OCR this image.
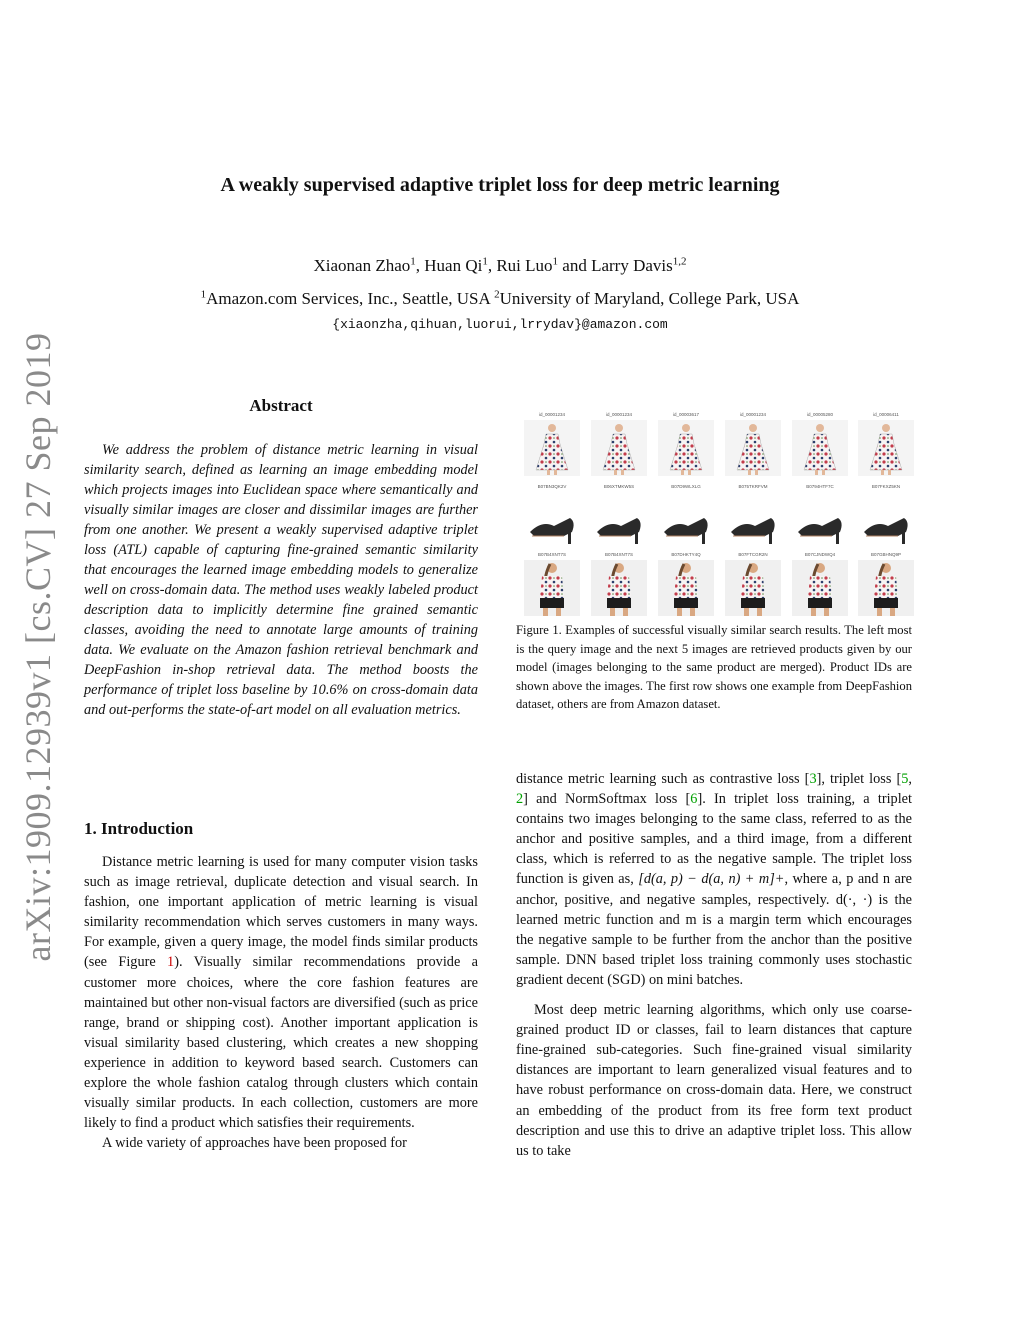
arXiv:1909.12939v1 [cs.CV] 27 Sep 2019
A weakly supervised adaptive triplet loss for deep metric learning
Xiaonan Zhao$^1$, Huan Qi$^1$, Rui Luo$^1$ and Larry Davis$^{1,2}$
$^1$Amazon.com Services, Inc., Seattle, USA $^2$University of Maryland, College Park, USA
{xiaonzha,qihuan,luorui,lrrydav}@amazon.com
Abstract

We address the problem of distance metric learning in visual similarity search, defined as learning an image embedding model which projects images into Euclidean space where semantically and visually similar images are closer and dissimilar images are further from one another. We present a weakly supervised adaptive triplet loss (ATL) capable of capturing fine-grained semantic similarity that encourages the learned image embedding models to generalize well on cross-domain data. The method uses weakly labeled product description data to implicitly determine fine grained semantic classes, avoiding the need to annotate large amounts of training data. We evaluate on the Amazon fashion retrieval benchmark and DeepFashion in-shop retrieval data. The method boosts the performance of triplet loss baseline by 10.6% on cross-domain data and out-performs the state-of-art model on all evaluation metrics.

1. Introduction

Distance metric learning is used for many computer vision tasks such as image retrieval, duplicate detection and visual search. In fashion, one important application of metric learning is visual similarity recommendation which serves customers in many ways. For example, given a query image, the model finds similar products (see Figure 1). Visually similar recommendations provide a customer more choices, where the core fashion features are maintained but other non-visual factors are diversified (such as price range, brand or shipping cost). Another important application is visual similarity based clustering, which creates a new shopping experience in addition to keyword based search. Customers can explore the whole fashion catalog through clusters which contain visually similar products. In each collection, customers are more likely to find a product which satisfies their requirements.

A wide variety of approaches have been proposed for

id_00001234	id_00001234	id_00003617	id_00001234	id_00005280	id_00006411
B07BN3QK2V	B06XTMKW5S	B07D9WLXLG	B075TKRFVM	B0794HTF7C	B07FKXZ5KN
B07B4XNT7S	B07B4XNT7S	B07DHKTY4Q	B07FTCGR2N	B07CJNDWQ4	B07GBHNQ9P
Figure 1. Examples of successful visually similar search results. The left most is the query image and the next 5 images are retrieved products given by our model (images belonging to the same product are merged). Product IDs are shown above the images. The first row shows one example from DeepFashion dataset, others are from Amazon dataset.

distance metric learning such as contrastive loss [3], triplet loss [5, 2] and NormSoftmax loss [6]. In triplet loss training, a triplet contains two images belonging to the same class, referred to as the anchor and positive samples, and a third image, from a different class, which is referred to as the negative sample. The triplet loss function is given as, [d(a, p) − d(a, n) + m]+, where a, p and n are anchor, positive, and negative samples, respectively. d(·, ·) is the learned metric function and m is a margin term which encourages the negative sample to be further from the anchor than the positive sample. DNN based triplet loss training commonly uses stochastic gradient decent (SGD) on mini batches.

Most deep metric learning algorithms, which only use coarse-grained product ID or classes, fail to learn distances that capture fine-grained sub-categories. Such fine-grained visual similarity distances are important to learn generalized visual features and to have robust performance on cross-domain data. Here, we construct an embedding of the product from its free form text product description and use this to drive an adaptive triplet loss. This allow us to take
